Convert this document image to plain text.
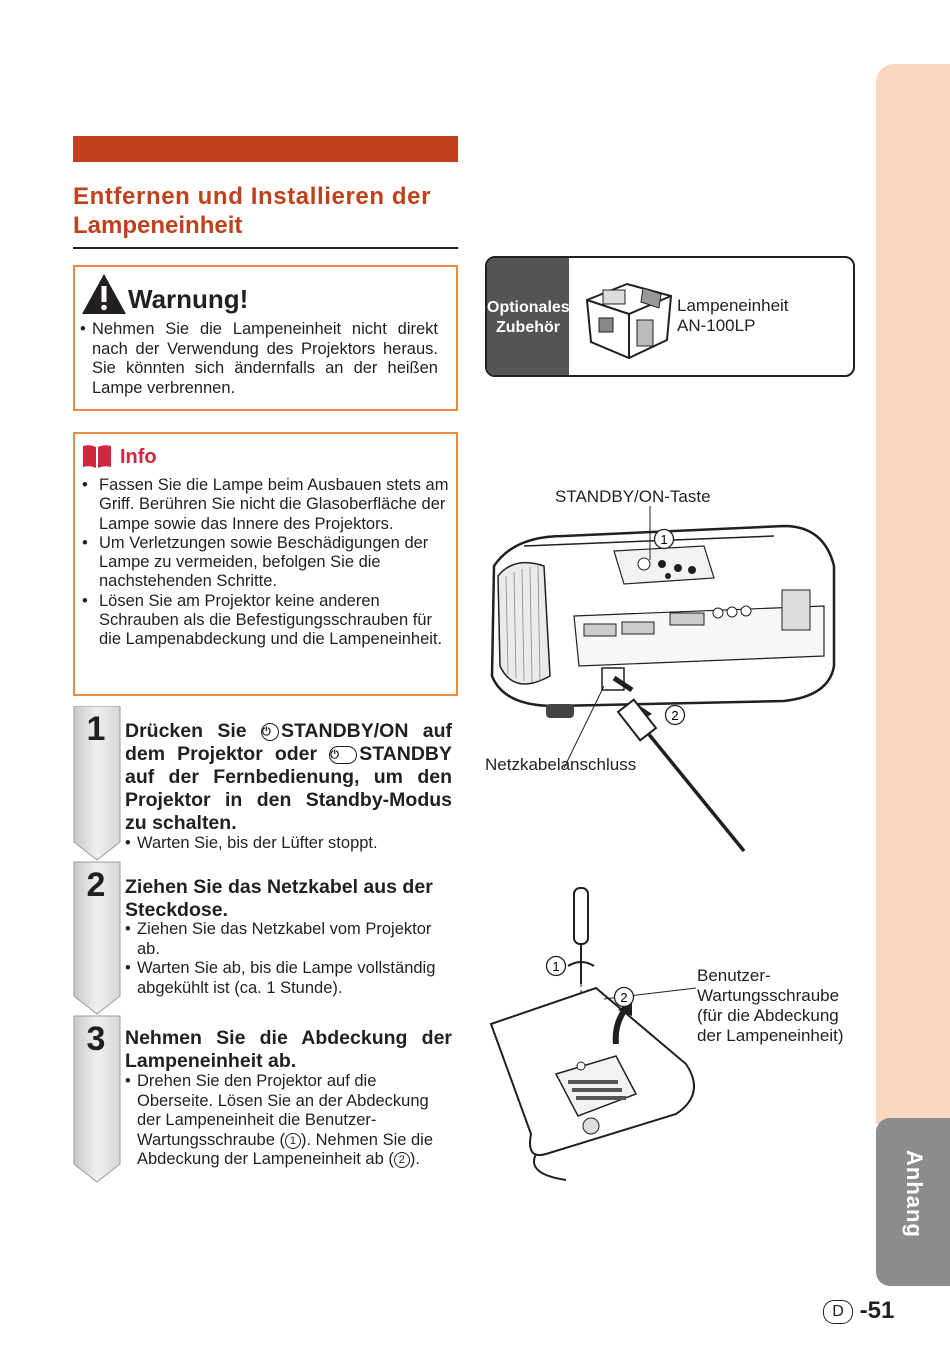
Anhang
Entfernen und Installieren der
Lampeneinheit
Warnung!
• Nehmen Sie die Lampeneinheit nicht direkt nach der Verwendung des Projektors heraus. Sie könnten sich ändernfalls an der heißen Lampe verbrennen.
Info
• Fassen Sie die Lampe beim Ausbauen stets am Griff. Berühren Sie nicht die Glasoberfläche der Lampe sowie das Innere des Projektors.
• Um Verletzungen sowie Beschädigungen der Lampe zu vermeiden, befolgen Sie die nachstehenden Schritte.
• Lösen Sie am Projektor keine anderen Schrauben als die Befestigungsschrauben für die Lampenabdeckung und die Lampeneinheit.
1	Drücken Sie ⏻ STANDBY/ON auf dem Projektor oder ⏻ STANDBY auf der Fernbedienung, um den Projektor in den Standby-Modus zu schalten.
• Warten Sie, bis der Lüfter stoppt.
2	Ziehen Sie das Netzkabel aus der Steckdose.
• Ziehen Sie das Netzkabel vom Projektor ab.
• Warten Sie ab, bis die Lampe vollständig abgekühlt ist (ca. 1 Stunde).
3	Nehmen Sie die Abdeckung der Lampeneinheit ab.
• Drehen Sie den Projektor auf die Oberseite. Lösen Sie an der Abdeckung der Lampeneinheit die Benutzer-Wartungsschraube ( 1 ). Nehmen Sie die Abdeckung der Lampeneinheit ab ( 2 ).
Optionales
Zubehör
Lampeneinheit
AN-100LP
STANDBY/ON-Taste
1
2
Netzkabelanschluss
1
2
Benutzer-
Wartungsschraube
(für die Abdeckung
der Lampeneinheit)
D -51
